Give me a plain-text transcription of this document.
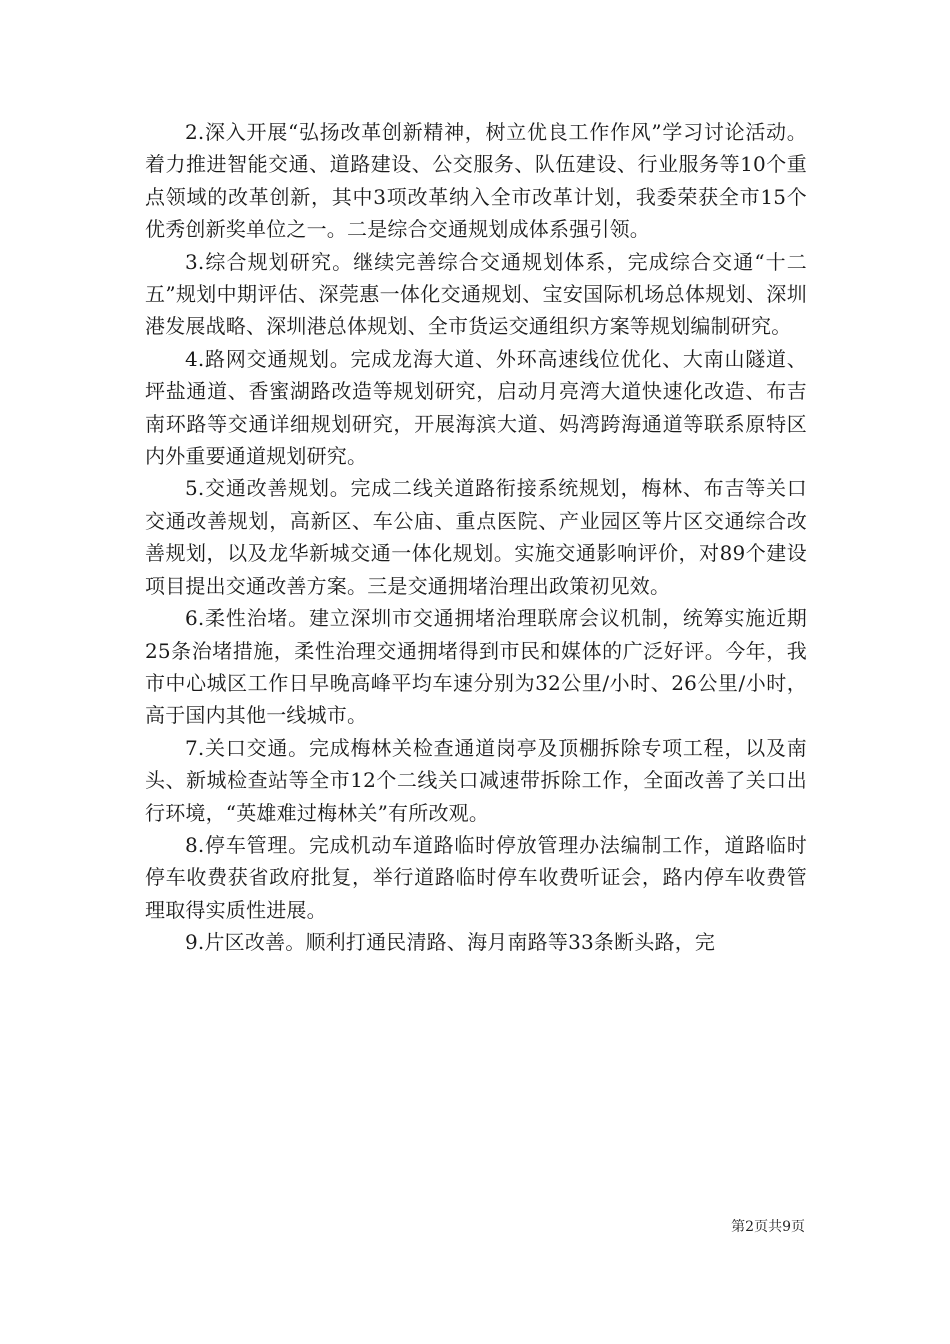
2.深入开展“弘扬改革创新精神，树立优良工作作风”学习讨论活动。着力推进智能交通、道路建设、公交服务、队伍建设、行业服务等10个重点领域的改革创新，其中3项改革纳入全市改革计划，我委荣获全市15个优秀创新奖单位之一。二是综合交通规划成体系强引领。

3.综合规划研究。继续完善综合交通规划体系，完成综合交通“十二五”规划中期评估、深莞惠一体化交通规划、宝安国际机场总体规划、深圳港发展战略、深圳港总体规划、全市货运交通组织方案等规划编制研究。

4.路网交通规划。完成龙海大道、外环高速线位优化、大南山隧道、坪盐通道、香蜜湖路改造等规划研究，启动月亮湾大道快速化改造、布吉南环路等交通详细规划研究，开展海滨大道、妈湾跨海通道等联系原特区内外重要通道规划研究。

5.交通改善规划。完成二线关道路衔接系统规划，梅林、布吉等关口交通改善规划，高新区、车公庙、重点医院、产业园区等片区交通综合改善规划，以及龙华新城交通一体化规划。实施交通影响评价，对89个建设项目提出交通改善方案。三是交通拥堵治理出政策初见效。

6.柔性治堵。建立深圳市交通拥堵治理联席会议机制，统筹实施近期25条治堵措施，柔性治理交通拥堵得到市民和媒体的广泛好评。今年，我市中心城区工作日早晚高峰平均车速分别为32公里/小时、26公里/小时，高于国内其他一线城市。

7.关口交通。完成梅林关检查通道岗亭及顶棚拆除专项工程，以及南头、新城检查站等全市12个二线关口减速带拆除工作，全面改善了关口出行环境，“英雄难过梅林关”有所改观。

8.停车管理。完成机动车道路临时停放管理办法编制工作，道路临时停车收费获省政府批复，举行道路临时停车收费听证会，路内停车收费管理取得实质性进展。

9.片区改善。顺利打通民清路、海月南路等33条断头路，完

第2页共9页
